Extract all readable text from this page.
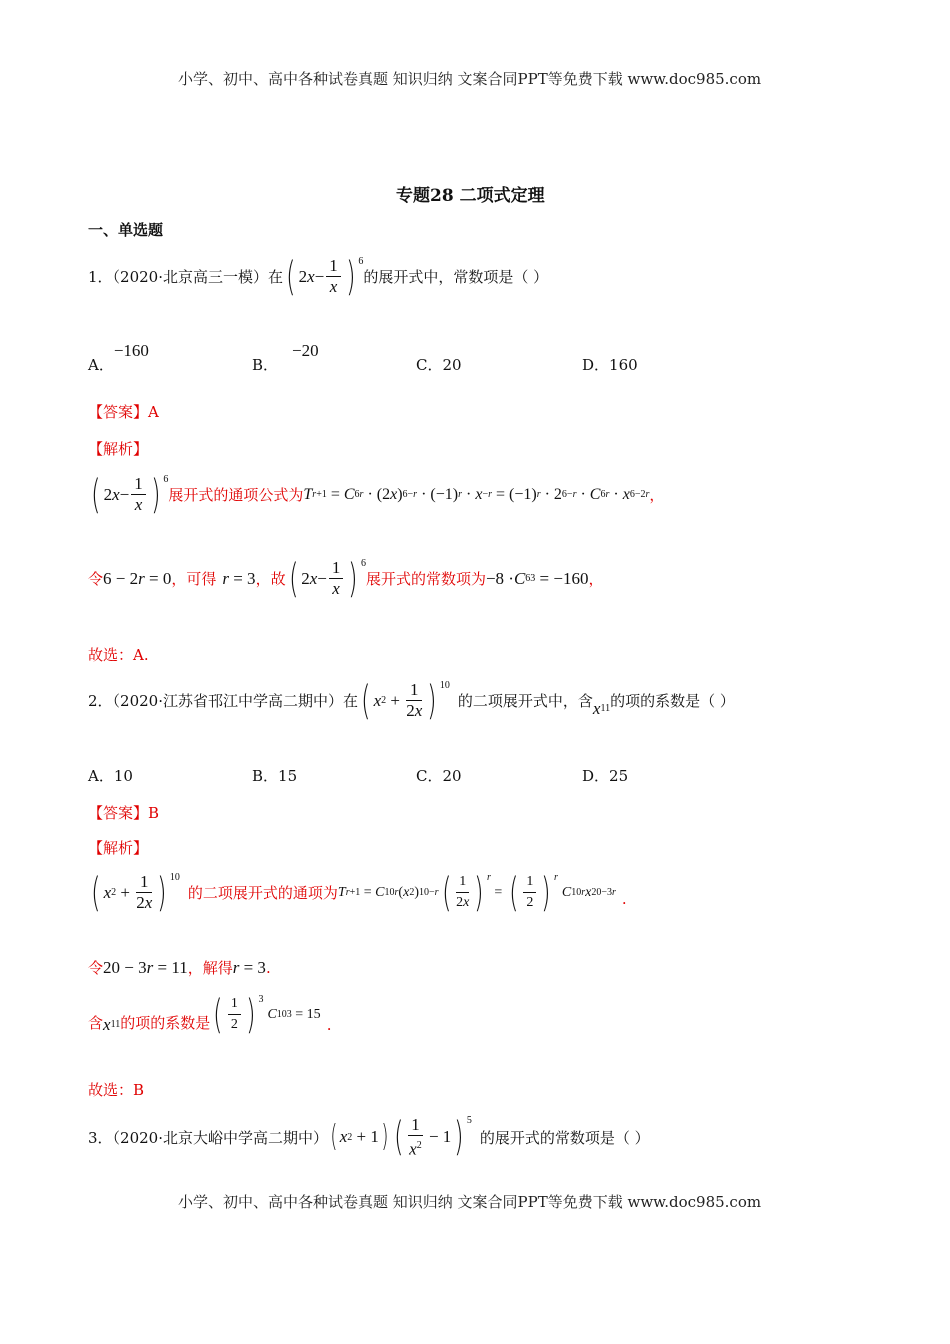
小学、初中、高中各种试卷真题 知识归纳 文案合同PPT等免费下载 www.doc985.com
专题28 二项式定理
一、单选题
1．（2020·北京高三一模）在 ( 2 $x - \frac{1}{x}$ ) $^6$
的展开式中，常数项是（ ）
A．−160
B．−20
C．20	D．160
【答案】A
【解析】
( 2 $x - \frac{1}{x}$ ) $^6$
展开式的通项公式为 T r +1 = C 6 r · (2 x ) 6−r · (−1) r · x −r = (−1) r · 2 6−r · C 6 r · x 6−2r ，
令 6 − 2 r = 0 ，可得 r = 3 ，故 ( 2 $x - \frac{1}{x}$ ) $^6$
展开式的常数项为 −8 · C 6 3 = −160 ，
故选：A.
2．（2020·江苏省邗江中学高二期中）在 ( x $2 + \frac{1}{2x}$ ) $^{10}$
的二项展开式中，含 x 11 的项的系数是（ ）
A．10	B．15	C．20	D．25
【答案】B
【解析】
( x $2 + \frac{1}{2x}$ ) $^{10}$
的二项展开式的通项为 T r +1 = C 10 r ( x 2 ) 10−r ( $\frac{1}{2x}$ ) $^r$
= ( $\frac{1}{2}$ ) $^r$
C 10 r x 20−3r .
令 20 − 3 r = 11 ，解得 r = 3 .
含 x 11 的项的系数是 ( $\frac{1}{2}$ ) $^3$
C 10 3 = 15
.
故选：B
3．（2020·北京大峪中学高二期中） ( x 2 + 1 ) ( $\frac{1}{x^2} - 1$ ) $^5$
的展开式的常数项是（ ）
小学、初中、高中各种试卷真题 知识归纳 文案合同PPT等免费下载 www.doc985.com
